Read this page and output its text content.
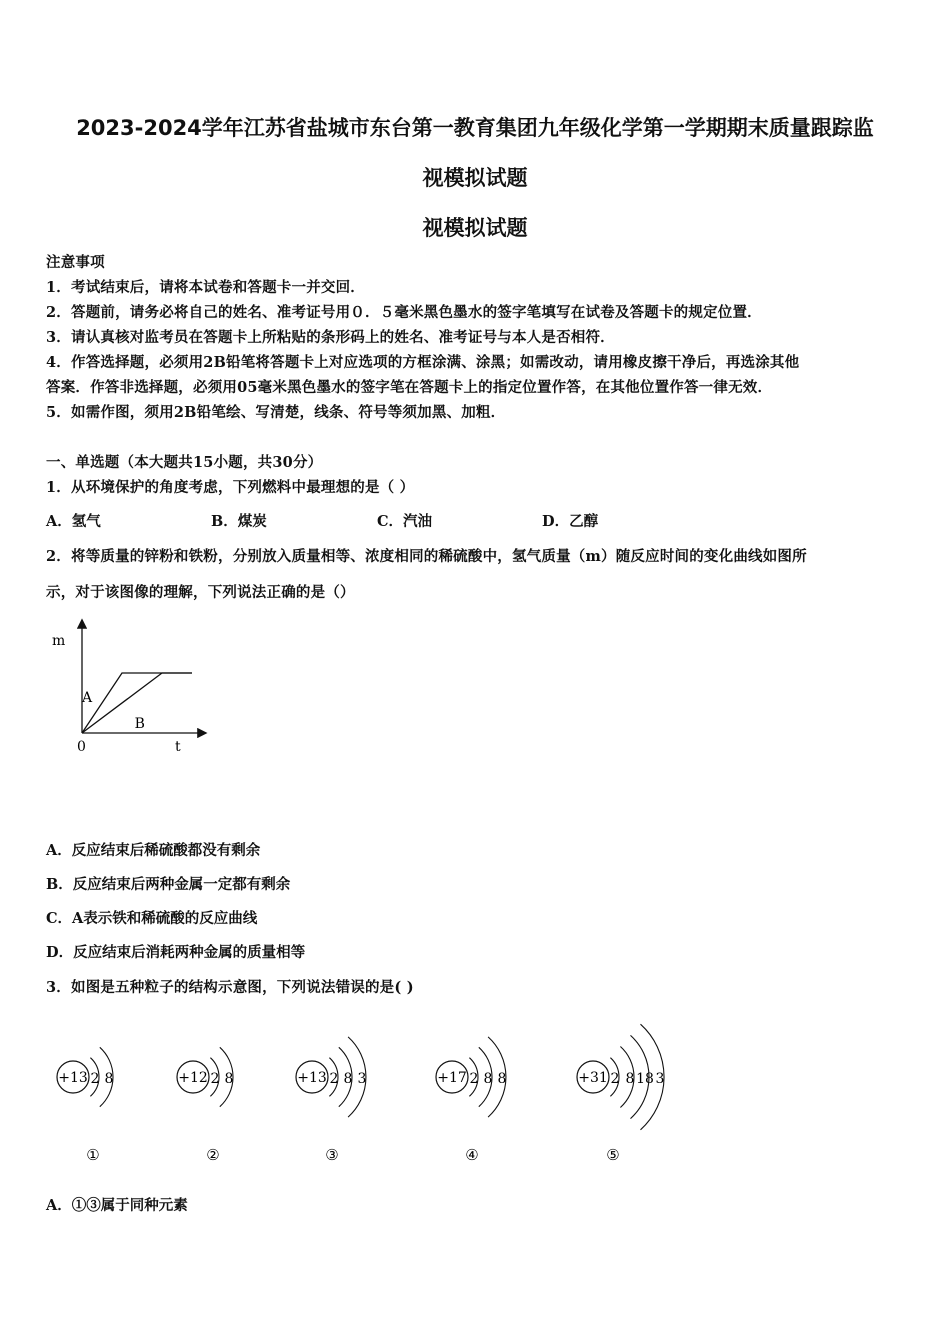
2023-2024学年江苏省盐城市东台第一教育集团九年级化学第一学期期末质量跟踪监
视模拟试题
视模拟试题
注意事项
1．考试结束后，请将本试卷和答题卡一并交回．
2．答题前，请务必将自己的姓名、准考证号用０．５毫米黑色墨水的签字笔填写在试卷及答题卡的规定位置．
3．请认真核对监考员在答题卡上所粘贴的条形码上的姓名、准考证号与本人是否相符．
4．作答选择题，必须用2B铅笔将答题卡上对应选项的方框涂满、涂黑；如需改动，请用橡皮擦干净后，再选涂其他
答案．作答非选择题，必须用05毫米黑色墨水的签字笔在答题卡上的指定位置作答，在其他位置作答一律无效．
5．如需作图，须用2B铅笔绘、写清楚，线条、符号等须加黑、加粗．
一、单选题（本大题共15小题，共30分）
1．从环境保护的角度考虑，下列燃料中最理想的是（ ）
A．氢气	B．煤炭	C．汽油	D．乙醇
2．将等质量的锌粉和铁粉，分别放入质量相等、浓度相同的稀硫酸中，氢气质量（m）随反应时间的变化曲线如图所
示，对于该图像的理解，下列说法正确的是（）
m
t
0
A
B
A．反应结束后稀硫酸都没有剩余
B．反应结束后两种金属一定都有剩余
C．A表示铁和稀硫酸的反应曲线
D．反应结束后消耗两种金属的质量相等
3．如图是五种粒子的结构示意图，下列说法错误的是( )
+13 2 8
①
+12 2 8
②
+13 2 8 3
③
+17 2 8 8
④
+31 2 8 18 3
⑤
A．①③属于同种元素
